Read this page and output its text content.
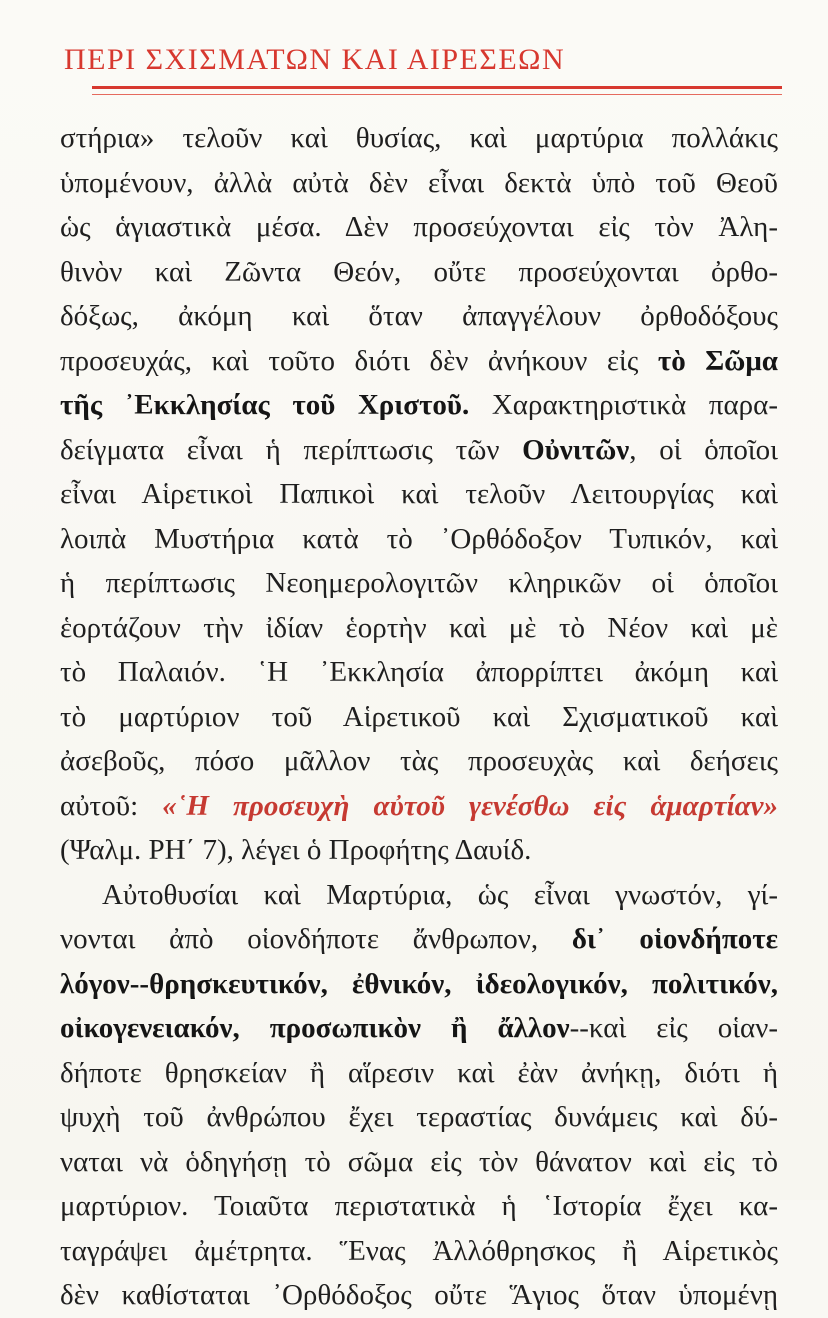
ΠΕΡΙ ΣΧΙΣΜΑΤΩΝ ΚΑΙ ΑΙΡΕΣΕΩΝ
στήρια» τελοῦν καὶ θυσίας, καὶ μαρτύρια πολλάκις
ὑπομένουν, ἀλλὰ αὐτὰ δὲν εἶναι δεκτὰ ὑπὸ τοῦ Θεοῦ
ὡς ἁγιαστικὰ μέσα. Δὲν προσεύχονται εἰς τὸν Ἀλη-
θινὸν καὶ Ζῶντα Θεόν, οὔτε προσεύχονται ὀρθο-
δόξως, ἀκόμη καὶ ὅταν ἀπαγγέλουν ὀρθοδόξους
προσευχάς, καὶ τοῦτο διότι δὲν ἀνήκουν εἰς τὸ Σῶμα
τῆς ᾿Εκκλησίας τοῦ Χριστοῦ. Χαρακτηριστικὰ παρα-
δείγματα εἶναι ἡ περίπτωσις τῶν Οὐνιτῶν, οἱ ὁποῖοι
εἶναι Αἱρετικοὶ Παπικοὶ καὶ τελοῦν Λειτουργίας καὶ
λοιπὰ Μυστήρια κατὰ τὸ ᾿Ορθόδοξον Τυπικόν, καὶ
ἡ περίπτωσις Νεοημερολογιτῶν κληρικῶν οἱ ὁποῖοι
ἑορτάζουν τὴν ἰδίαν ἑορτὴν καὶ μὲ τὸ Νέον καὶ μὲ
τὸ Παλαιόν. ῾Η ᾿Εκκλησία ἀπορρίπτει ἀκόμη καὶ
τὸ μαρτύριον τοῦ Αἱρετικοῦ καὶ Σχισματικοῦ καὶ
ἀσεβοῦς, πόσο μᾶλλον τὰς προσευχὰς καὶ δεήσεις
αὐτοῦ: «῾Η προσευχὴ αὐτοῦ γενέσθω εἰς ἁμαρτίαν»
(Ψαλμ. ΡΗ΄ 7), λέγει ὁ Προφήτης Δαυίδ.
Αὐτοθυσίαι καὶ Μαρτύρια, ὡς εἶναι γνωστόν, γί-
νονται ἀπὸ οἱονδήποτε ἄνθρωπον, δι᾿ οἱονδήποτε
λόγον--θρησκευτικόν, ἐθνικόν, ἰδεολογικόν, πολιτικόν,
οἰκογενειακόν, προσωπικὸν ἢ ἄλλον--καὶ εἰς οἱαν-
δήποτε θρησκείαν ἢ αἵρεσιν καὶ ἐὰν ἀνήκῃ, διότι ἡ
ψυχὴ τοῦ ἀνθρώπου ἔχει τεραστίας δυνάμεις καὶ δύ-
ναται νὰ ὁδηγήσῃ τὸ σῶμα εἰς τὸν θάνατον καὶ εἰς τὸ
μαρτύριον. Τοιαῦτα περιστατικὰ ἡ ῾Ιστορία ἔχει κα-
ταγράψει ἀμέτρητα. Ἕνας Ἀλλόθρησκος ἢ Αἱρετικὸς
δὲν καθίσταται ᾿Ορθόδοξος οὔτε Ἅγιος ὅταν ὑπομένῃ
